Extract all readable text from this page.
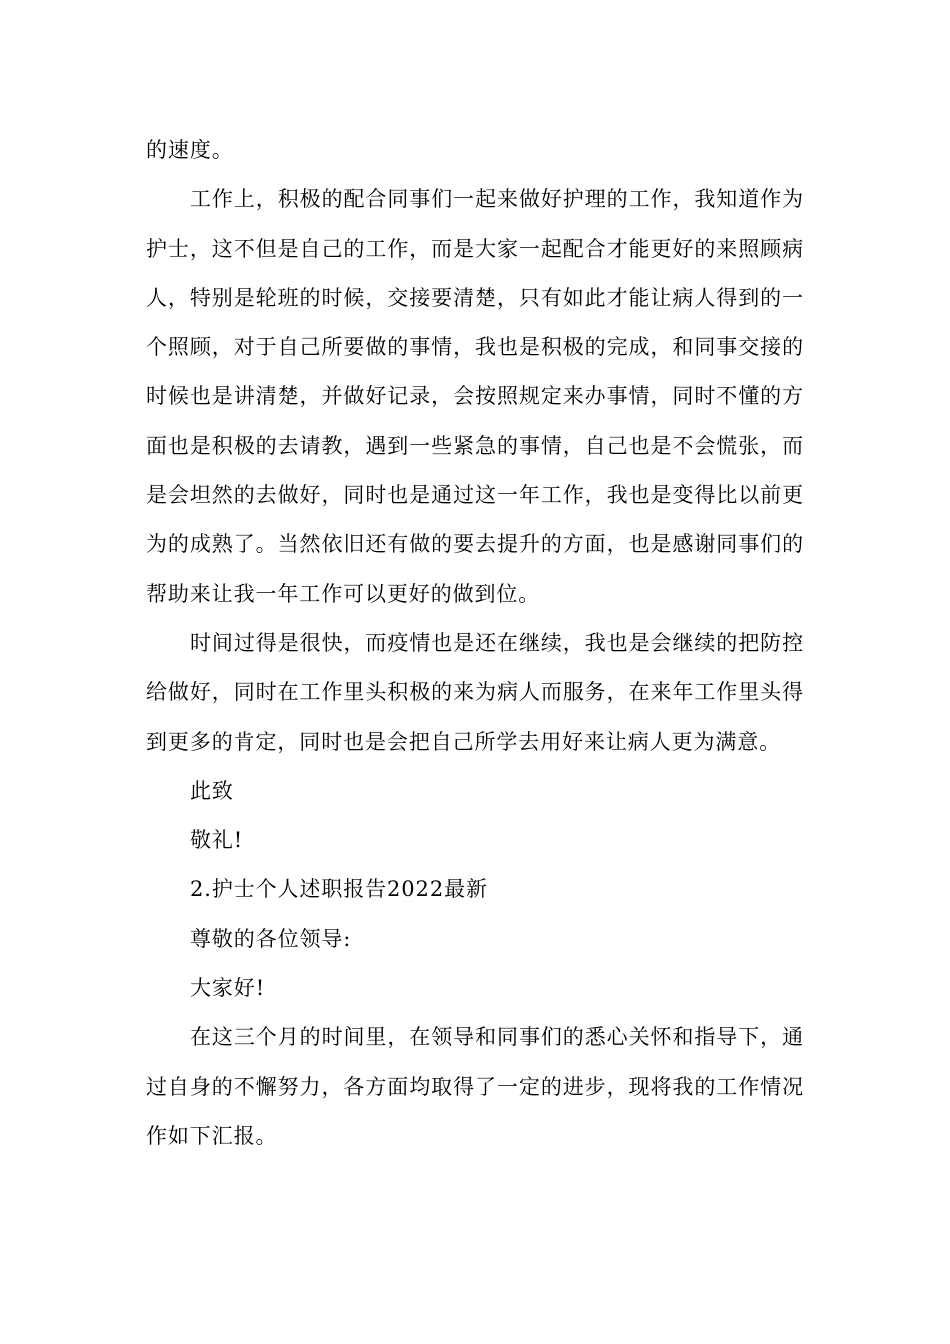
的速度。

工作上，积极的配合同事们一起来做好护理的工作，我知道作为护士，这不但是自己的工作，而是大家一起配合才能更好的来照顾病人，特别是轮班的时候，交接要清楚，只有如此才能让病人得到的一个照顾，对于自己所要做的事情，我也是积极的完成，和同事交接的时候也是讲清楚，并做好记录，会按照规定来办事情，同时不懂的方面也是积极的去请教，遇到一些紧急的事情，自己也是不会慌张，而是会坦然的去做好，同时也是通过这一年工作，我也是变得比以前更为的成熟了。当然依旧还有做的要去提升的方面，也是感谢同事们的帮助来让我一年工作可以更好的做到位。

时间过得是很快，而疫情也是还在继续，我也是会继续的把防控给做好，同时在工作里头积极的来为病人而服务，在来年工作里头得到更多的肯定，同时也是会把自己所学去用好来让病人更为满意。

此致

敬礼!

2.护士个人述职报告2022最新

尊敬的各位领导:

大家好!

在这三个月的时间里，在领导和同事们的悉心关怀和指导下，通过自身的不懈努力，各方面均取得了一定的进步，现将我的工作情况作如下汇报。
